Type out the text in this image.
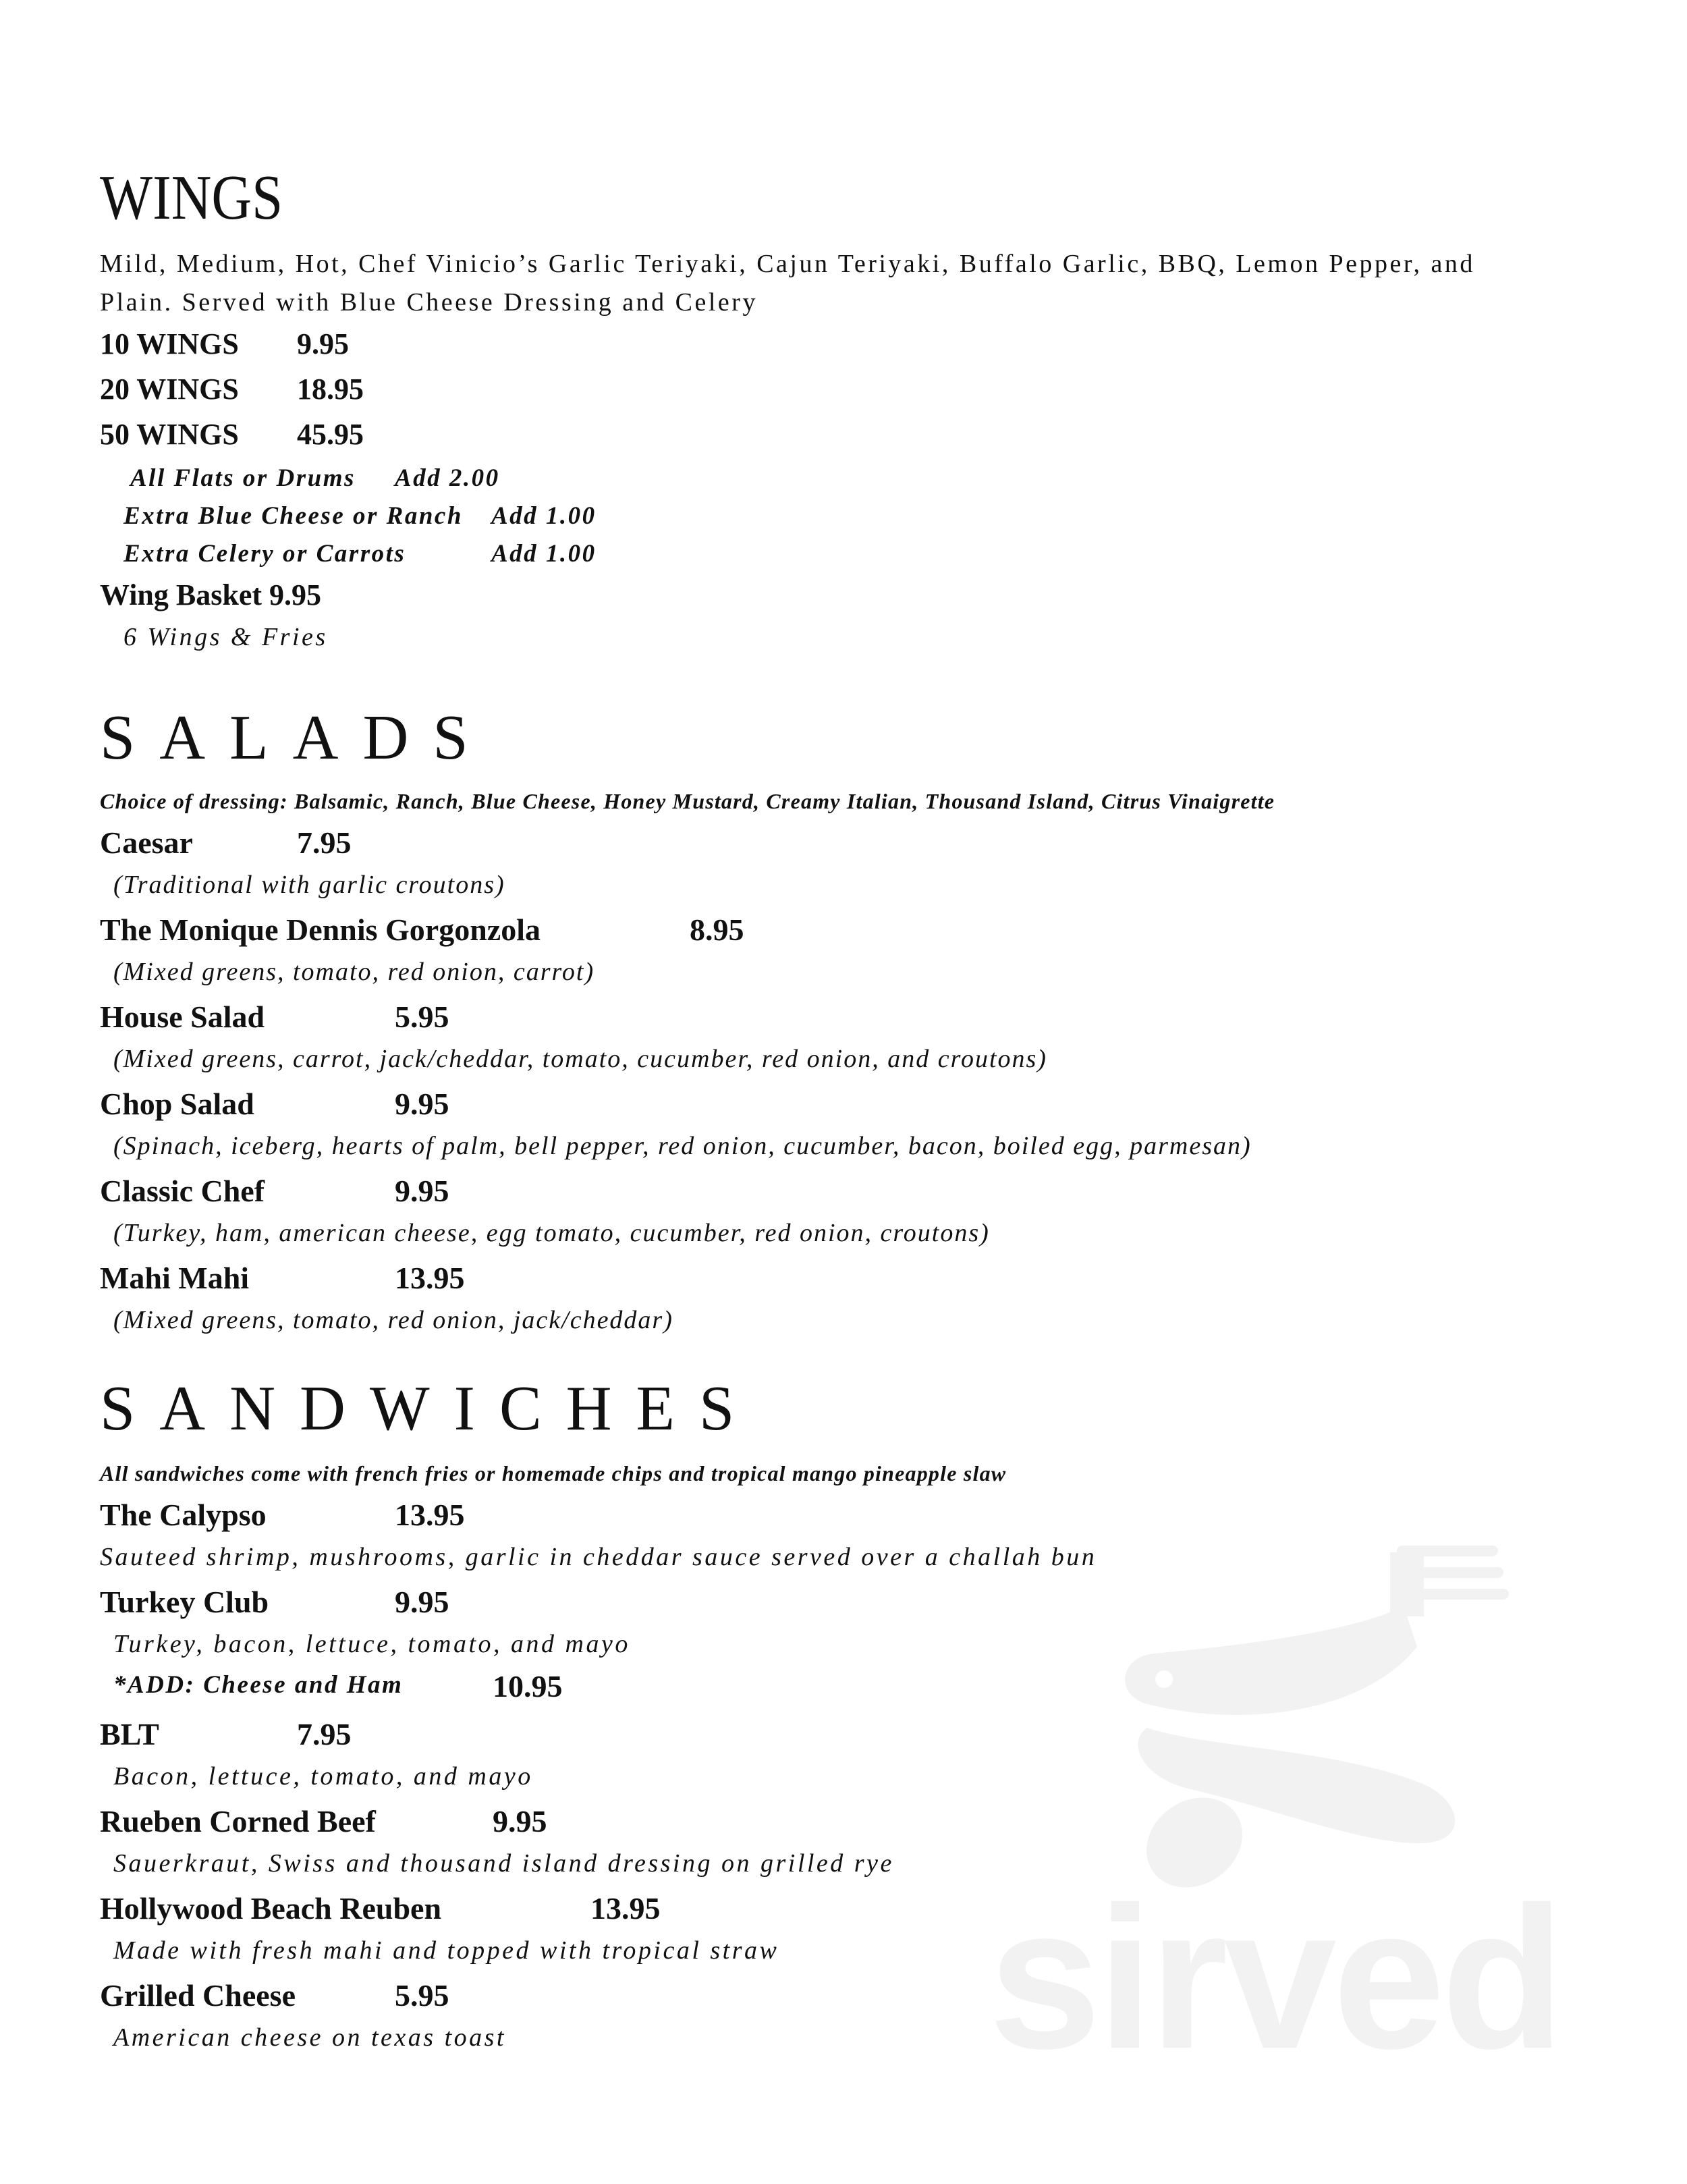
WINGS
Mild, Medium, Hot, Chef Vinicio’s Garlic Teriyaki, Cajun Teriyaki, Buffalo Garlic, BBQ, Lemon Pepper, and
Plain. Served with Blue Cheese Dressing and Celery
10 WINGS 9.95
20 WINGS 18.95
50 WINGS 45.95
All Flats or Drums Add 2.00
Extra Blue Cheese or Ranch Add 1.00
Extra Celery or Carrots	Add 1.00
Wing Basket 9.95
6 Wings & Fries
SALADS
Choice of dressing: Balsamic, Ranch, Blue Cheese, Honey Mustard, Creamy Italian, Thousand Island, Citrus Vinaigrette
Caesar	7.95
(Traditional with garlic croutons)
The Monique Dennis Gorgonzola	8.95
(Mixed greens, tomato, red onion, carrot)
House Salad	5.95
(Mixed greens, carrot, jack/cheddar, tomato, cucumber, red onion, and croutons)
Chop Salad	9.95
(Spinach, iceberg, hearts of palm, bell pepper, red onion, cucumber, bacon, boiled egg, parmesan)
Classic Chef	9.95
(Turkey, ham, american cheese, egg tomato, cucumber, red onion, croutons)
Mahi Mahi	13.95
(Mixed greens, tomato, red onion, jack/cheddar)
sirved
SANDWICHES
All sandwiches come with french fries or homemade chips and tropical mango pineapple slaw
The Calypso	13.95
Sauteed shrimp, mushrooms, garlic in cheddar sauce served over a challah bun
Turkey Club	9.95
Turkey, bacon, lettuce, tomato, and mayo
*ADD: Cheese and Ham	10.95
BLT	7.95
Bacon, lettuce, tomato, and mayo
Rueben Corned Beef	9.95
Sauerkraut, Swiss and thousand island dressing on grilled rye
Hollywood Beach Reuben	13.95
Made with fresh mahi and topped with tropical straw
Grilled Cheese	5.95
American cheese on texas toast
